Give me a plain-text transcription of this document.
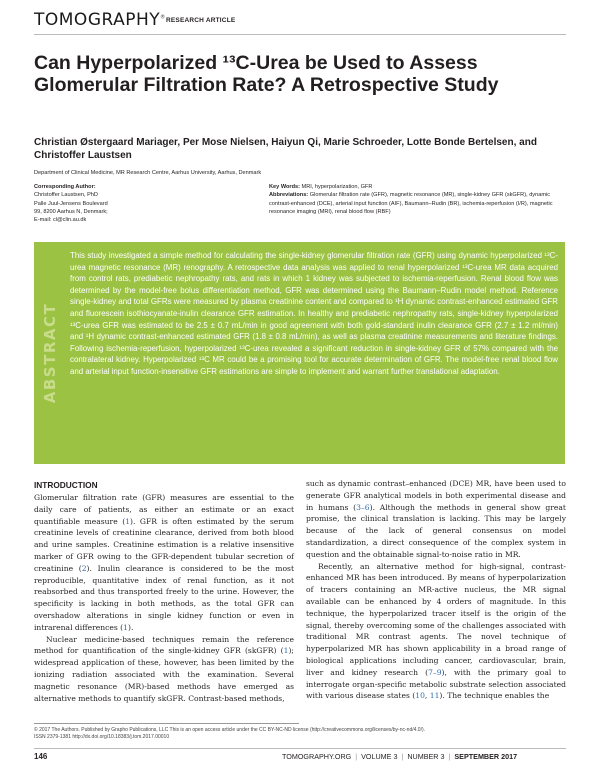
TOMOGRAPHY® RESEARCH ARTICLE
Can Hyperpolarized ¹³C-Urea be Used to Assess Glomerular Filtration Rate? A Retrospective Study
Christian Østergaard Mariager, Per Mose Nielsen, Haiyun Qi, Marie Schroeder, Lotte Bonde Bertelsen, and Christoffer Laustsen
Department of Clinical Medicine, MR Research Centre, Aarhus University, Aarhus, Denmark
Corresponding Author:
Christoffer Laustsen, PhD
Palle Juul-Jensens Boulevard
99, 8200 Aarhus N, Denmark;
E-mail: cl@clin.au.dk
Key Words: MRI, hyperpolarization, GFR
Abbreviations: Glomerular filtration rate (GFR), magnetic resonance (MR), single-kidney GFR (skGFR), dynamic contrast-enhanced (DCE), arterial input function (AIF), Baumann–Rudin (BR), ischemia-reperfusion (I/R), magnetic resonance imaging (MRI), renal blood flow (RBF)
ABSTRACT
This study investigated a simple method for calculating the single-kidney glomerular filtration rate (GFR) using dynamic hyperpolarized ¹³C-urea magnetic resonance (MR) renography. A retrospective data analysis was applied to renal hyperpolarized ¹³C-urea MR data acquired from control rats, prediabetic nephropathy rats, and rats in which 1 kidney was subjected to ischemia-reperfusion. Renal blood flow was determined by the model-free bolus differentiation method, GFR was determined using the Baumann–Rudin model method. Reference single-kidney and total GFRs were measured by plasma creatinine content and compared to ¹H dynamic contrast-enhanced estimated GFR and fluorescein isothiocyanate-inulin clearance GFR estimation. In healthy and prediabetic nephropathy rats, single-kidney hyperpolarized ¹³C-urea GFR was estimated to be 2.5 ± 0.7 mL/min in good agreement with both gold-standard inulin clearance GFR (2.7 ± 1.2 ml/min) and ¹H dynamic contrast-enhanced estimated GFR (1.8 ± 0.8 mL/min), as well as plasma creatinine measurements and literature findings. Following ischemia-reperfusion, hyperpolarized ¹³C-urea revealed a significant reduction in single-kidney GFR of 57% compared with the contralateral kidney. Hyperpolarized ¹³C MR could be a promising tool for accurate determination of GFR. The model-free renal blood flow and arterial input function-insensitive GFR estimations are simple to implement and warrant further translational adaptation.

INTRODUCTION

Glomerular filtration rate (GFR) measures are essential to the daily care of patients, as either an estimate or an exact quantifiable measure (1). GFR is often estimated by the serum creatinine levels of creatinine clearance, derived from both blood and urine samples. Creatinine estimation is a relative insensitive marker of GFR owing to the GFR-dependent tubular secretion of creatinine (2). Inulin clearance is considered to be the most reproducible, quantitative index of renal function, as it not reabsorbed and thus transported freely to the urine. However, the specificity is lacking in both methods, as the total GFR can overshadow alterations in single kidney function or even in intrarenal differences (1).

Nuclear medicine-based techniques remain the reference method for quantification of the single-kidney GFR (skGFR) (1); widespread application of these, however, has been limited by the ionizing radiation associated with the examination. Several magnetic resonance (MR)-based methods have emerged as alternative methods to quantify skGFR. Contrast-based methods,

such as dynamic contrast–enhanced (DCE) MR, have been used to generate GFR analytical models in both experimental disease and in humans (3–6). Although the methods in general show great promise, the clinical translation is lacking. This may be largely because of the lack of general consensus on model standardization, a direct consequence of the complex system in question and the obtainable signal-to-noise ratio in MR.

Recently, an alternative method for high-signal, contrast-enhanced MR has been introduced. By means of hyperpolarization of tracers containing an MR-active nucleus, the MR signal available can be enhanced by 4 orders of magnitude. In this technique, the hyperpolarized tracer itself is the origin of the signal, thereby overcoming some of the challenges associated with traditional MR contrast agents. The novel technique of hyperpolarized MR has shown applicability in a broad range of biological applications including cancer, cardiovascular, brain, liver and kidney research (7–9), with the primary goal to interrogate organ-specific metabolic substrate selection associated with various disease states (10, 11). The technique enables the

© 2017 The Authors. Published by Grapho Publications, LLC This is an open access article under the CC BY-NC-ND license (http://creativecommons.org/licenses/by-nc-nd/4.0/).
ISSN 2379-1381 http://dx.doi.org/10.18383/j.tom.2017.00010
146	TOMOGRAPHY.ORG | VOLUME 3 | NUMBER 3 | SEPTEMBER 2017
